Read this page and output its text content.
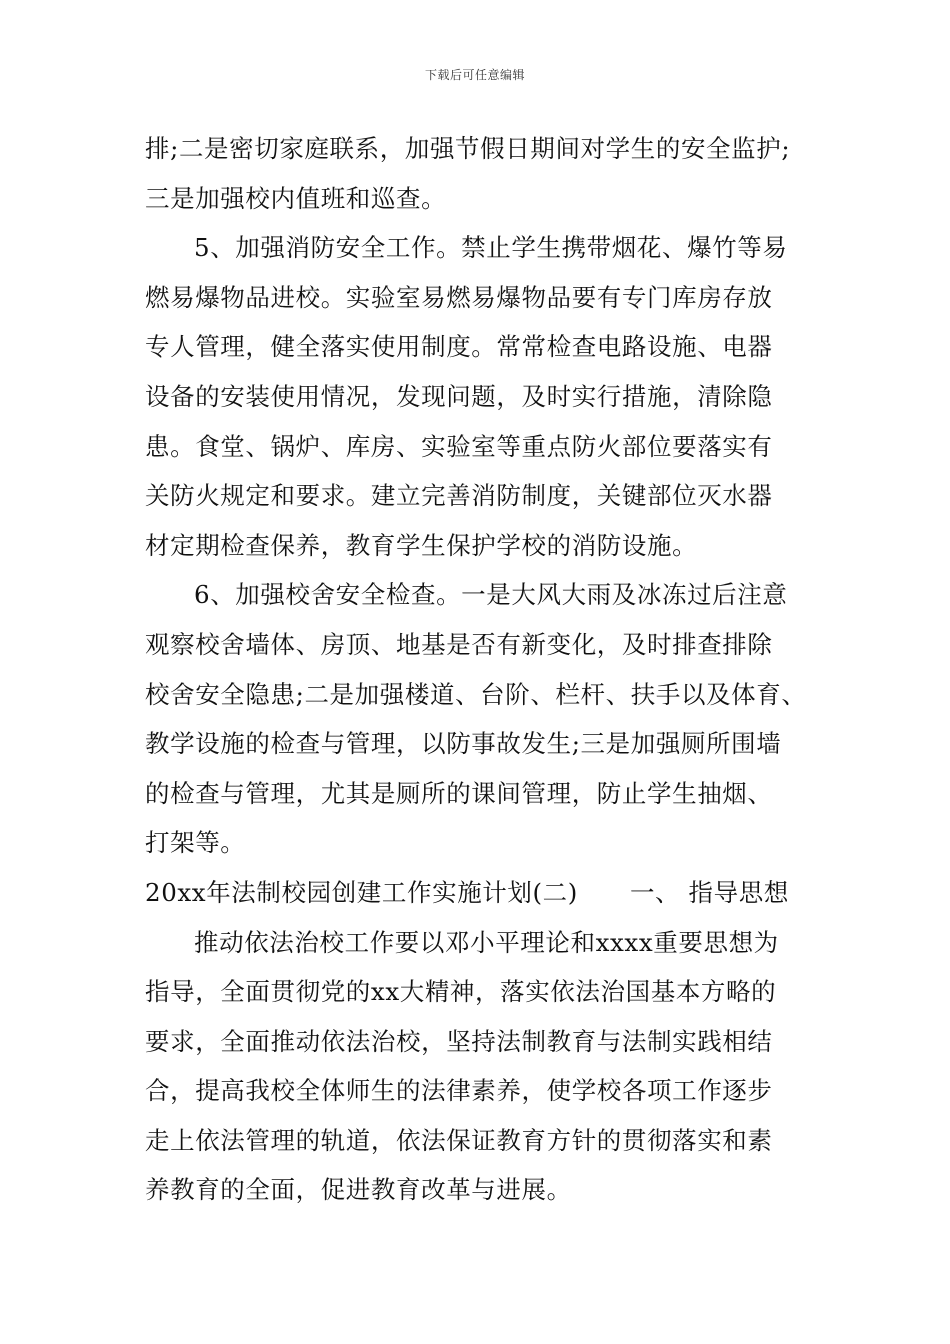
下载后可任意编辑
排;二是密切家庭联系，加强节假日期间对学生的安全监护;
三是加强校内值班和巡查。
5、加强消防安全工作。禁止学生携带烟花、爆竹等易
燃易爆物品进校。实验室易燃易爆物品要有专门库房存放
专人管理，健全落实使用制度。常常检查电路设施、电器
设备的安装使用情况，发现问题，及时实行措施，清除隐
患。食堂、锅炉、库房、实验室等重点防火部位要落实有
关防火规定和要求。建立完善消防制度，关键部位灭水器
材定期检查保养，教育学生保护学校的消防设施。
6、加强校舍安全检查。一是大风大雨及冰冻过后注意
观察校舍墙体、房顶、地基是否有新变化，及时排查排除
校舍安全隐患;二是加强楼道、台阶、栏杆、扶手以及体育、
教学设施的检查与管理，以防事故发生;三是加强厕所围墙
的检查与管理，尤其是厕所的课间管理，防止学生抽烟、
打架等。
20xx年法制校园创建工作实施计划(二) 一、 指导思想
推动依法治校工作要以邓小平理论和xxxx重要思想为
指导，全面贯彻党的xx大精神，落实依法治国基本方略的
要求，全面推动依法治校，坚持法制教育与法制实践相结
合，提高我校全体师生的法律素养，使学校各项工作逐步
走上依法管理的轨道，依法保证教育方针的贯彻落实和素
养教育的全面，促进教育改革与进展。
